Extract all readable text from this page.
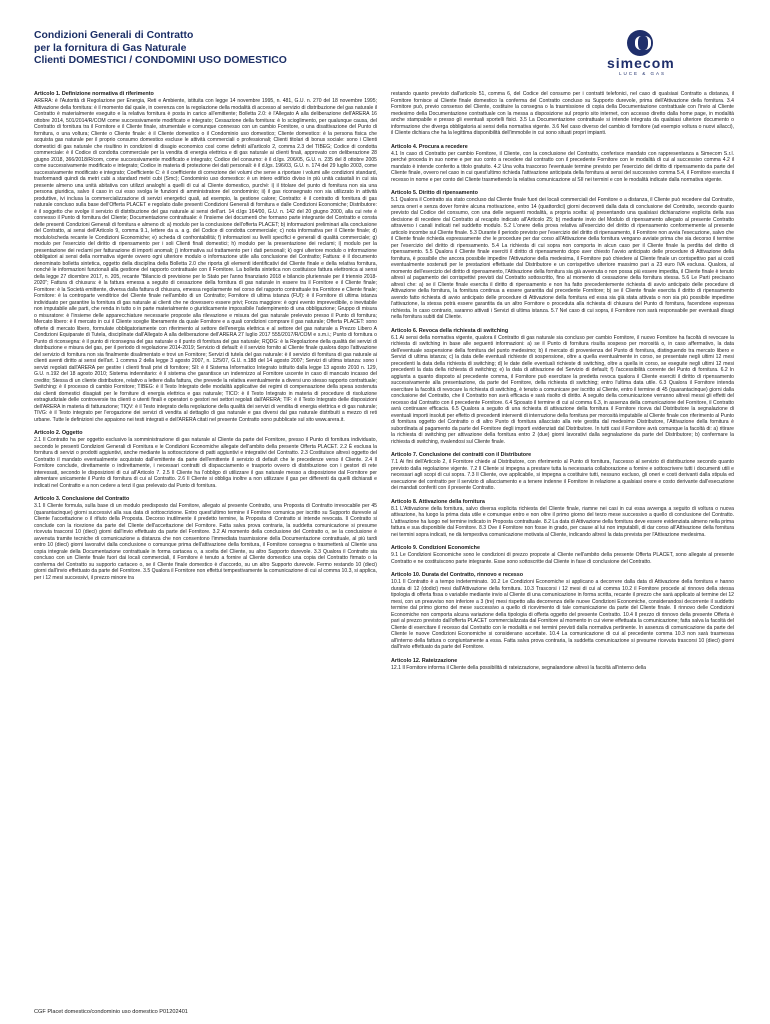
Condizioni Generali di Contratto
per la fornitura di Gas Naturale
Clienti DOMESTICI / CONDOMINI USO DOMESTICO	simecom
LUCE & GAS
Articolo 1. Definizione normativa di riferimento

ARERA: è l'Autorità di Regolazione per Energia, Reti e Ambiente, istituita con legge 14 novembre 1995, n. 481, G.U. n. 270 del 18 novembre 1995; Attivazione della fornitura: è il momento dal quale, in coerenza con la regolazione della modalità di accesso al servizio di distribuzione del gas naturale il Contratto è materialmente eseguito e la relativa fornitura è posta in carico all'emittente; Bolletta 2.0: è l'Allegato A alla deliberazione dell'ARERA 16 ottobre 2014, 501/2014/R/COM come successivamente modificato e integrato; Cessazione della fornitura: è lo scioglimento, per qualunque causa, del Contratto di fornitura tra il Fornitore e il Cliente finale, strumentale e comunque connesso con un cambio Fornitore, o una disattivazione del Punto di fornitura, o una voltura; Cliente o Cliente finale: è il Cliente domestico o il Condominio uso domestico; Cliente domestico: è la persona fisica che acquista gas naturale per il proprio consumo domestico escluse le attività commerciali o professionali; Clienti titolari di bonus sociale: sono i Clienti domestici di gas naturale che risultino in condizioni di disagio economico così come definiti all'articolo 2, comma 2.3 del TIBEG; Codice di condotta commerciale: è il Codice di condotta commerciale per la vendita di energia elettrica e di gas naturale ai clienti finali, approvato con deliberazione 28 giugno 2018, 366/2018/R/com, come successivamente modificato e integrato; Codice del consumo: è il d.lgs. 206/05, G.U. n. 235 del 8 ottobre 2005 come successivamente modificato e integrato; Codice in materia di protezione dei dati personali: è il d.lgs. 196/03, G.U. n. 174 del 29 luglio 2003, come successivamente modificato e integrato; Coefficiente C: è il coefficiente di correzione dei volumi che serve a riportare i volumi alle condizioni standard, trasformandi quindi da metri cubi a standard metri cubi (Smc); Condominio uso domestico: è un intero edificio diviso in più unità catastali in cui sia presente almeno una unità abitativa con utilizzi analoghi a quelli di cui al Cliente domestico, purché: i) il titolare del punto di fornitura non sia una persona giuridica, salvo il caso in cui esso svolga le funzioni di amministratore del condominio; ii) il gas riconsegnato non sia utilizzato in attività produttive, ivi inclusa la commercializzazione di servizi energetici quali, ad esempio, la gestione calore; Contratto: è il contratto di fornitura di gas naturale concluso sulla base dell'Offerta PLACET e regolato dalle presenti Condizioni Generali di fornitura e dalle Condizioni Economiche; Distributore: è il soggetto che svolge il servizio di distribuzione del gas naturale ai sensi dell'art. 14 d.lgs 164/00, G.U. n. 142 del 20 giugno 2000, alla cui rete è connesso il Punto di fornitura del Cliente; Documentazione contrattuale: è l'insieme dei documenti che formano parte integrante del Contratto e consta delle presenti Condizioni Generali di fornitura e almeno di: a) modulo per la conclusione dell'offerta PLACET; b) informazioni preliminari alla conclusione del Contratto, ai sensi dell'Articolo 9, comma 9.1, lettere da a. a g. del Codice di condotta commerciale; c) nota informativa per il Cliente finale; d) modulo/scheda recante le Condizioni Economiche; e) scheda di confrontabilità; f) informazioni su livelli specifici e generali di qualità commerciale; g) modulo per l'esercizio del diritto di ripensamento per i soli Clienti finali domestici; h) modulo per la presentazione dei reclami; i) modulo per la presentazione dei reclami per fatturazione di importi anomali; j) informativa sul trattamento per i dati personali; k) ogni ulteriore modulo o informazione obbligatori ai sensi della normativa vigente ovvero ogni ulteriore modulo o informazione utile alla conclusione del Contratto; Fattura: è il documento denominato bolletta sintetica, oggetto della disciplina della Bolletta 2.0 che riporta gli elementi identificativi del Cliente finale e della relativa fornitura, nonché le informazioni funzionali alla gestione del rapporto contrattuale con il Fornitore. La bolletta sintetica non costituisce fattura elettronica ai sensi della legge 27 dicembre 2017, n. 205, recante "Bilancio di previsione per lo Stato per l'anno finanziario 2018 e bilancio pluriennale per il triennio 2018-2020"; Fattura di chiusura: è la fattura emessa a seguito di cessazione della fornitura di gas naturale in essere tra il Fornitore e il Cliente finale; Fornitore: è la Società emittente, diversa dalla fattura di chiusura, emessa regolarmente nel corso del rapporto contrattuale tra Fornitore e Cliente finale; Fornitore: è la controparte venditrice del Cliente finale nell'ambito di un Contratto; Fornitore di ultima istanza (FUI): è il Fornitore di ultima istanza individuato per garantire la fornitura di gas naturale ai clienti che ne dovessero essere privi; Forza maggiore: è ogni evento imprevedibile, o inevitabile non imputabile alle parti, che renda in tutto o in parte materialmente o giuridicamente impossibile l'adempimento di una obbligazione; Gruppo di misura o misuratore: è l'insieme delle apparecchiature necessarie proposte alla rilevazione e misura del gas naturale prelevato presso il Punto di fornitura; Mercato libero: è il mercato in cui il Cliente sceglie liberamente da quale Fornitore e a quali condizioni comprare il gas naturale; Offerta PLACET: sono offerte di mercato libero, formulate obbligatoriamente con riferimento al settore dell'energia elettrica e al settore del gas naturale a Prezzo Libero A Condizioni Equiparate di Tutela, disciplinate dall'Allegato A alla deliberazione dell'ARERA 27 luglio 2017 555/2017/R/COM e s.m.i.; Punto di fornitura o Punto di riconsegna: è il punto di riconsegna del gas naturale o il punto di fornitura del gas naturale; RQDG: è la Regolazione della qualità dei servizi di distribuzione e misura del gas, per il periodo di regolazione 2014-2019; Servizio di default: è il servizio fornito al Cliente finale qualora dopo l'attivazione del servizio di fornitura non sia finalmente disalimentato e trovi un Fornitore; Servizi di tutela del gas naturale: è il servizio di fornitura di gas naturale ai clienti aventi diritto ai sensi dell'art. 1 comma 2 della legge 3 agosto 2007, n. 125/07, G.U. n.188 del 14 agosto 2007; Servizi di ultima istanza: sono i servizi regolati dall'ARERA per gestire i clienti finali privi di fornitore; SII: è il Sistema Informatico Integrato istituito dalla legge 13 agosto 2010 n. 129, G.U. n.192 del 18 agosto 2010; Sistema indennitario: è il sistema che garantisce un indennizzo al Fornitore uscente in caso di mancato incasso del credito; Stessa di un cliente distributore, relativo a lettere dalla fattura, che prevede la relativa eventualmente a diversi uno stesso rapporto contrattuale; Switching: è il processo di cambio Fornitore; TIBEG: è il Testo Integrato delle modalità applicative dei regimi di compensazione della spesa sostenuta dai clienti domestici disagiati per le forniture di energia elettrica e gas naturale; TICO: è il Testo Integrato in materia di procedure di risoluzione extragiudiziale delle controversie tra clienti o utenti finali e operatori o gestori nei settori regolati dall'ARERA; TIF: è il Testo Integrato delle disposizioni dell'ARERA in materia di fatturazione; TIQV: è il Testo integrato della regolazione della qualità dei servizi di vendita di energia elettrica e di gas naturale; TIVG: è il Testo integrato per l'erogazione dei servizi di vendita al dettaglio di gas naturale e gas diversi dal gas naturale distribuiti a mezzo di reti urbane. Tutte le definizioni che appaiono nei testi integrati e dell'ARERA citati nel presente Contratto sono pubblicate sul sito www.arera.it.

Articolo 2. Oggetto

2.1 Il Contratto ha per oggetto esclusivo la somministrazione di gas naturale al Cliente da parte del Fornitore, presso il Punto di fornitura individuato, secondo le presenti Condizioni Generali di Fornitura e le Condizioni Economiche allegate dell'ambito della presente Offerta PLACET. 2.2 È esclusa la fornitura di servizi o prodotti aggiuntivi, anche mediante la sottoscrizione di patti aggiuntivi e integrativi del Contratto. 2.3 Costituisce altresì oggetto del Contratto il mandato eventualmente acquistato dall'emittente da parte dell'emittente il servizio di default che le precedenze verso il Cliente. 2.4 Il Fornitore conclude, direttamente o indirettamente, i necessari contratti di dispacciamento e trasporto ovvero di distribuzione con i gestori di rete interessati, secondo le disposizioni di cui all'Articolo 7. 2.5 Il Cliente ha l'obbligo di utilizzare il gas naturale messo a disposizione dal Fornitore per alimentare unicamente il Punto di fornitura di cui al Contratto. 2.6 Il Cliente si obbliga inoltre a non utilizzare il gas per differenti da quelli dichiarati e indicati nel Contratto e a non cedere a terzi il gas prelevato dal Punto di fornitura.

Articolo 3. Conclusione del Contratto

3.1 Il Cliente formula, sulla base di un modulo predisposto dal Fornitore, allegato al presente Contratto, una Proposta di Contratto irrevocabile per 45 (quarantacinque) giorni successivi alla sua data di sottoscrizione. Entro quest'ultimo termine il Fornitore comunica per iscritto su Supporto durevole al Cliente l'accettazione o il rifiuto della Proposta. Decorso inutilmente il predetto termine, la Proposta di Contratto si intende revocata. Il Contratto si conclude con la ricezione da parte del Cliente dell'accettazione del Fornitore. Fatta salva prova contraria, la suddetta comunicazione si presume ricevuta trascorsi 10 (dieci) giorni dall'invio effettuato da parte del Fornitore. 3.2 Al momento della conclusione del Contratto o, se la conclusione è avvenuta tramite tecniche di comunicazione a distanza che non consentono l'immediata trasmissione della Documentazione contrattuale, al più tardi entro 10 (dieci) giorni lavorativi dalla conclusione o comunque prima dell'attivazione della fornitura, il Fornitore consegna o trasmetterà al Cliente una copia integrale della Documentazione contrattuale in forma cartacea o, a scelta del Cliente, su altro Supporto durevole. 3.3 Qualora il Contratto sia concluso con un Cliente finale fuori dai locali commerciali, il Fornitore è tenuto a fornire al Cliente domestico una copia del Contratto firmato o la conferma del Contratto su supporto cartaceo o, se il Cliente finale domestico è d'accordo, su un altro Supporto durevole. Fermo restando 10 (dieci) giorni dall'invio effettuato da parte del Fornitore. 3.5 Qualora il Fornitore non effettui tempestivamente la comunicazione di cui al comma 10.3, si applica, per i 12 mesi successivi, il prezzo minore tra

restando quanto previsto dall'articolo 51, comma 6, del Codice del consumo per i contratti telefonici, nel caso di qualsiasi Contratto a distanza, il Fornitore fornisce al Cliente finale domestico la conferma del Contratto concluso su Supporto durevole, prima dell'Attivazione della fornitura. 3.4 Fornitore può, previo consenso del Cliente, costituire la consegna o la trasmissione di copia della Documentazione contrattuale con l'invio al Cliente medesimo della Documentazione contrattuale con la messa a disposizione sul proprio sito internet, con accesso diretto dalla home page, in modalità anche stampabile e presso gli eventuali sportelli fisici. 3.5 La Documentazione contrattuale si intende integrata da qualsiasi ulteriore documento o informazione che diverga obbligatoria ai sensi della normativa vigente. 3.6 Nel caso diverso del cambio di fornitore (ad esempio voltura o nuovi allacci), il Cliente dichiara che ha la legittima disponibilità dell'immobile in cui sono situati propri impianti.

Articolo 4. Procura a recedere

4.1 In caso di Contratto per cambio Fornitore, il Cliente, con la conclusione del Contratto, conferisce mandato con rappresentanza a Simecom S.r.l. perché proceda in suo nome e per suo conto a recedere dal contratto con il precedente Fornitore con le modalità di cui al successivo comma 4.2 il mandato è intende conferito a titolo gratuito. 4.2 Una volta trascorso l'eventuale termine previsto per l'esercizio del diritto di ripensamento da parte del Cliente finale, ovvero nel caso in cui quest'ultimo richieda l'attivazione anticipata della fornitura ai sensi del successivo comma 5.4, il Fornitore esercita il recesso in nome e per conto del Cliente trasmettendo la relativa comunicazione al SII nei termini e con le modalità indicate dalla normativa vigente.

Articolo 5. Diritto di ripensamento

5.1 Qualora il Contratto sia stato concluso dal Cliente finale fuori dei locali commerciali del Fornitore o a distanza, il Cliente può recedere dal Contratto, senza oneri e senza dover fornire alcuna motivazione, entro 14 (quattordici) giorni decorrenti dalla data di conclusione del Contratto, secondo quanto previsto dal Codice del consumo, con una delle seguenti modalità, a propria scelta: a) presentando una qualsiasi dichiarazione esplicita della sua decisione di recedere dal Contratto al recapito indicato all'Articolo 25; b) mediante invio del Modulo di ripensamento allegato al presente Contratto attraverso i canali indicati nel suddetto modulo. 5.2 L'onere della prova relativa all'esercizio del diritto di ripensamento conformemente al presente articolo incombe sul Cliente finale. 5.3 Durante il periodo previsto per l'esercizio del diritto di ripensamento, il Fornitore non avvia l'esecuzione, salvo che il Cliente finale richieda espressamente che le procedure per dar corso all'Attivazione della fornitura vengano avviate prima che sia decorso il termine per l'esercizio del diritto di ripensamento. 5.4 La richiesta di cui sopra non comporta in alcun caso per il Cliente finale la perdita del diritto di ripensamento. 5.5 Qualora il Cliente finale eserciti il diritto di ripensamento dopo aver chiesto l'avvio anticipato delle procedure di Attivazione della fornitura, è possibile che ancora possibile impedire l'Attivazione della medesima, il Fornitore può chiedere al Cliente finale un corrispettivo pari ai costi eventualmente sostenuti per le prestazioni effettuate dal Distributore e un corrispettivo ulteriore massimo pari a 23 euro IVA esclusa. Qualora, al momento dell'esercizio del diritto di ripensamento, l'Attivazione della fornitura sia già avvenuta o non possa più essere impedita, il Cliente finale è tenuto altresì al pagamento dei corrispettivi previsti dal Contratto sottoscritto, fino al momento di cessazione della fornitura stessa. 5.6 Le Parti precisano altresì che: a) se il Cliente finale esercita il diritto di ripensamento e non ha fatto precedentemente richiesta di avvio anticipato delle procedure di Attivazione della fornitura, la fornitura continua a essere garantita dal precedente Fornitore; b) se il Cliente finale esercita il diritto di ripensamento avendo fatto richiesta di avvio anticipato delle procedure di Attivazione della fornitura ed essa sia già stata attivata o non sia più possibile impedirne l'attivazione, la stessa potrà essere garantita da un altro Fornitore o proceduta alla richiesta di chiusura del Punto di fornitura, facendone espressa richiesta. In caso contrario, saranno attivati i Servizi di ultima istanza. 5.7 Nel caso di cui sopra, il Fornitore non sarà responsabile per eventuali disagi nella fornitura subiti dal Cliente.

Articolo 6. Revoca della richiesta di switching

6.1 Ai sensi della normativa vigente, qualora il Contratto di gas naturale sia concluso per cambio Fornitore, il nuovo Fornitore ha facoltà di revocare la richiesta di switching in base alle seguenti informazioni: a) se il Punto di fornitura risulta sospeso per morosità o, in caso affermativo, la data dell'eventuale sospensione della fornitura del punto medesimo; b) il mercato di provenienza del Punto di fornitura, distinguendo tra mercato libero e Servizi di ultima istanza; c) la data delle eventuali richieste di sospensione, oltre a quella eventualmente in corso, se presentate negli ultimi 12 mesi precedenti la data della richiesta di switching; d) le date delle eventuali richieste di switching, oltre a quella in corso, se eseguite negli ultimi 12 mesi precedenti la data della richiesta di switching; e) la data di attivazione del Servizio di default; f) l'accessibilità corrente del Punto di fornitura. 6.2 In aggiunta a quanto disposto al precedente comma, il Fornitore può esercitare la predetta revoca qualora il Cliente eserciti il diritto di ripensamento successivamente alla presentazione, da parte del Fornitore, della richiesta di switching; entro l'ultima data utile. 6.3 Qualora il Fornitore intenda esercitare la facoltà di revocare la richiesta di switching, è tenuto a comunicare per iscritto al Cliente, entro il termine di 45 (quarantacinque) giorni dalla conclusione del Contratto, che il Contratto non avrà efficacia e sarà risolto di diritto. A seguito della comunicazione verranno altresì messi gli effetti del recesso dal Contratto con il precedente Fornitore. 6.4 Sposato il termine di cui al comma 6.3, in assenza della comunicazione del Fornitore, il Contratto avrà continuare efficacia. 6.5 Qualora a seguito di una richiesta di attivazione della fornitura il Fornitore riceva dal Distributore la segnalazione di eventuali importi insoluti per effetto di precedenti interventi di interruzione della fornitura per morosità imputabile al Cliente finale con riferimento al Punto di fornitura oggetto del Contratto o di altro Punto di fornitura allacciato alla rete gestita dal medesimo Distributore, l'Attivazione della fornitura è subordinata al pagamento da parte del Fornitore degli importi evidenziati dal Distributore. In tutti casi il Fornitore avrà comunque la facoltà di: a) ritirare la richiesta di switching per attivazione della fornitura entro 2 (due) giorni lavorativi dalla segnalazione da parte del Distributore; b) confermare la richiesta di switching, rivalendosi sul Cliente finale.

Articolo 7. Conclusione dei contratti con il Distributore

7.1 Ai fini dell'Articolo 2, il Fornitore chiede al Distributore, con riferimento al Punto di fornitura, l'accesso al servizio di distribuzione secondo quanto previsto dalla regolazione vigente. 7.2 Il Cliente si impegna a prestare tutta la necessaria collaborazione a fornire e sottoscrivere tutti i documenti utili e necessari agli scopi di cui sopra. 7.3 Il Cliente, ove applicabile, si impegna a costituire tutti, nessuno escluso, gli oneri e costi derivanti dalla stipula ed esecuzione del contratto per il servizio di allacciamento e a tenere indenne il Fornitore in relazione a qualsiasi onere e costo derivante dall'esecuzione dei mandati conferiti con il presente Contratto.

Articolo 8. Attivazione della fornitura

8.1 L'Attivazione della fornitura, salvo diversa esplicita richiesta del Cliente finale, riamne nei casi in cui essa avvenga a seguito di voltura o nuova attivazione, ha luogo la prima data utile e comunque entro e non oltre il primo giorno del terzo mese successivo a quello di conclusione del Contratto. L'attivazione ha luogo nel termine indicato in Proposta contrattuale. 8.2 La data di Attivazione della fornitura deve essere evidenziata almeno nella prima fattura e sua disponibile dal Fornitore. 8.3 Ove il Fornitore non fosse in grado, per cause al lui non imputabili, di dar corso all'Attivazione della fornitura nei termini sopra indicati, ne dà tempestiva comunicazione motivata al Cliente, indicando altresì la data prevista per l'Attivazione medesima.

Articolo 9. Condizioni Economiche

9.1 Le Condizioni Economiche sono le condizioni di prezzo proposte al Cliente nell'ambito della presente Offerta PLACET, sono allegate al presente Contratto e ne costituiscono parte integrante. Esse sono sottoscritte dal Cliente in fase di conclusione del Contratto.

Articolo 10. Durata del Contratto, rinnovo e recesso

10.1 Il Contratto è a tempo indeterminato. 10.2 Le Condizioni Economiche si applicano a decorrere dalla data di Attivazione della fornitura e hanno durata di 12 (dodici) mesi dall'Attivazione della fornitura. 10.3 Trascorsi i 12 mesi di cui al comma 10.2 il Fornitore procede al rinnovo della stessa tipologia di offerta fissa o variabile mediante invio al Cliente di una comunicazione in forma scritta, recante il prezzo che sarà applicato al termine dei 12 mesi, con un preavviso non inferiore a 3 (tre) mesi rispetto alla decorrenza delle nuove Condizioni Economiche, considerandosi decorrente il suddetto termine dal primo giorno del mese successivo a quello di ricevimento di tale comunicazione da parte del Cliente finale. Il rinnovo delle Condizioni Economiche non comporta alcuna variazione della tipologia di offerta oggetto del presente Contratto. 10.4 Il prezzo di rinnovo della presente Offerta è pari al prezzo previsto dall'offerta PLACET commercializzata dal Fornitore al momento in cui viene effettuata la comunicazione; fatta salva la facoltà del Cliente di esercitare il recesso dal Contratto con le modalità e nei termini previsti dalla normativa pertinente. In assenza di comunicazione da parte del Cliente le nuove Condizioni Economiche si considerano accettate. 10.4 La comunicazione di cui al precedente comma 10.3 non sarà trasmessa all'interno della fattura o congiuntamente a essa. Fatta salva prova contraria, la suddetta comunicazione si presume ricevuta trascorsi 10 (dieci) giorni dall'invio effettuato da parte del Fornitore.

Articolo 12. Rateizzazione

12.1 Il Fornitore informa il Cliente della possibilità di rateizzazione, segnalandone altresì la facoltà all'interno della

CGF Placet domestico/condominio uso domestico P01202401
